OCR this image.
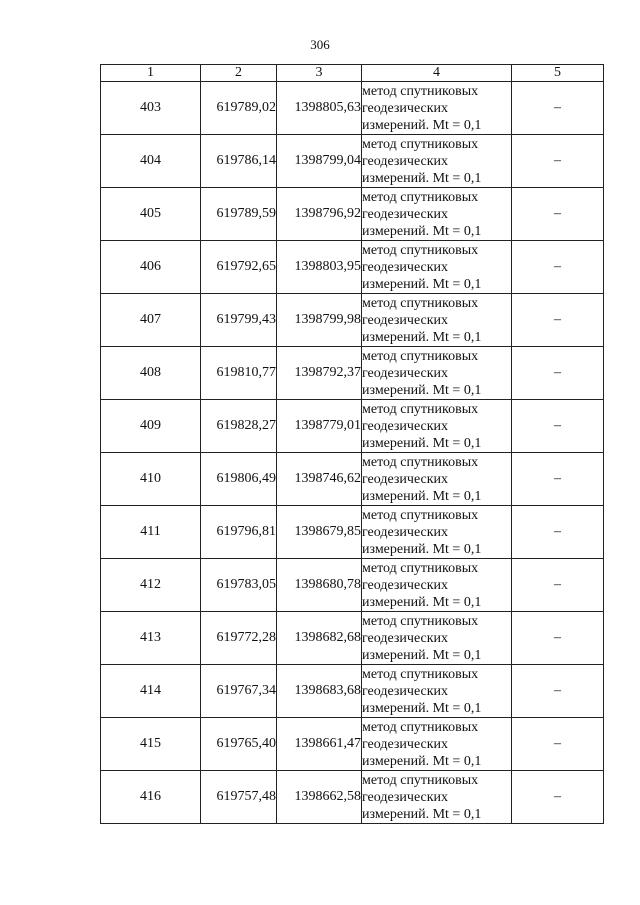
306
1	2	3	4	5
403	619789,02	1398805,63	метод спутниковых
геодезических
измерений. Mt = 0,1	–
404	619786,14	1398799,04	метод спутниковых
геодезических
измерений. Mt = 0,1	–
405	619789,59	1398796,92	метод спутниковых
геодезических
измерений. Mt = 0,1	–
406	619792,65	1398803,95	метод спутниковых
геодезических
измерений. Mt = 0,1	–
407	619799,43	1398799,98	метод спутниковых
геодезических
измерений. Mt = 0,1	–
408	619810,77	1398792,37	метод спутниковых
геодезических
измерений. Mt = 0,1	–
409	619828,27	1398779,01	метод спутниковых
геодезических
измерений. Mt = 0,1	–
410	619806,49	1398746,62	метод спутниковых
геодезических
измерений. Mt = 0,1	–
411	619796,81	1398679,85	метод спутниковых
геодезических
измерений. Mt = 0,1	–
412	619783,05	1398680,78	метод спутниковых
геодезических
измерений. Mt = 0,1	–
413	619772,28	1398682,68	метод спутниковых
геодезических
измерений. Mt = 0,1	–
414	619767,34	1398683,68	метод спутниковых
геодезических
измерений. Mt = 0,1	–
415	619765,40	1398661,47	метод спутниковых
геодезических
измерений. Mt = 0,1	–
416	619757,48	1398662,58	метод спутниковых
геодезических
измерений. Mt = 0,1	–
